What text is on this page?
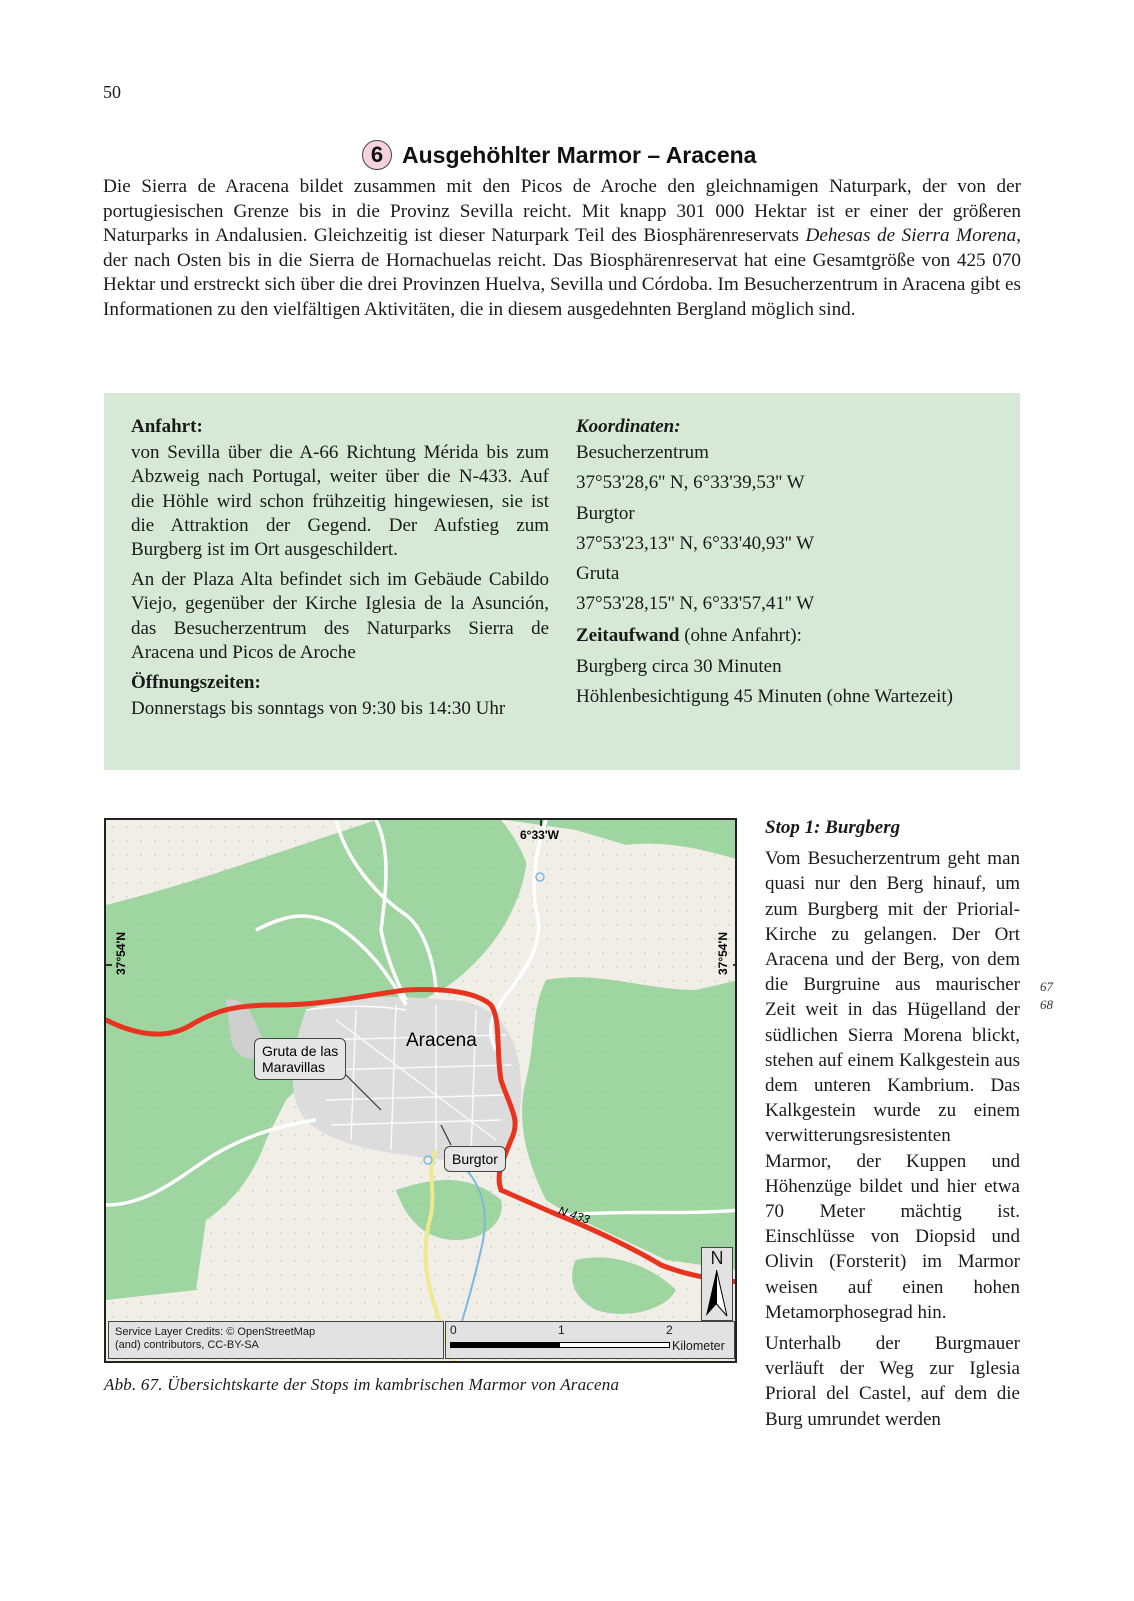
50
6 Ausgehöhlter Marmor – Aracena

Die Sierra de Aracena bildet zusammen mit den Picos de Aroche den gleichnamigen Naturpark, der von der portugiesischen Grenze bis in die Provinz Sevilla reicht. Mit knapp 301 000 Hektar ist er einer der größeren Naturparks in Andalusien. Gleichzeitig ist dieser Naturpark Teil des Biosphärenreservats Dehesas de Sierra Morena, der nach Osten bis in die Sierra de Hornachuelas reicht. Das Biosphärenreservat hat eine Gesamtgröße von 425 070 Hektar und erstreckt sich über die drei Provinzen Huelva, Sevilla und Córdoba. Im Besucherzentrum in Aracena gibt es Informationen zu den vielfältigen Aktivitäten, die in diesem ausgedehnten Bergland möglich sind.

Anfahrt:

von Sevilla über die A-66 Richtung Mérida bis zum Abzweig nach Portugal, weiter über die N-433. Auf die Höhle wird schon frühzeitig hingewiesen, sie ist die Attraktion der Gegend. Der Aufstieg zum Burgberg ist im Ort ausgeschildert.

An der Plaza Alta befindet sich im Gebäude Cabildo Viejo, gegenüber der Kirche Iglesia de la Asunción, das Besucherzentrum des Naturparks Sierra de Aracena und Picos de Aroche

Öffnungszeiten:

Donnerstags bis sonntags von 9:30 bis 14:30 Uhr

Koordinaten:

Besucherzentrum

37°53'28,6'' N, 6°33'39,53'' W

Burgtor

37°53'23,13'' N, 6°33'40,93'' W

Gruta

37°53'28,15'' N, 6°33'57,41'' W

Zeitaufwand (ohne Anfahrt):

Burgberg circa 30 Minuten

Höhlenbesichtigung 45 Minuten (ohne Wartezeit)

6°33'W
37°54'N	37°54'N
Aracena
N 433
Gruta de las
Maravillas
Burgtor
Service Layer Credits: © OpenStreetMap
(and) contributors, CC-BY-SA
0	1	2
Kilometer
N
Abb. 67. Übersichtskarte der Stops im kambrischen Marmor von Aracena
Stop 1: Burgberg

Vom Besucherzentrum geht man quasi nur den Berg hinauf, um zum Burgberg mit der Priorial-Kirche zu gelangen. Der Ort Aracena und der Berg, von dem die Burgruine aus maurischer Zeit weit in das Hügelland der südlichen Sierra Morena blickt, stehen auf einem Kalkgestein aus dem unteren Kambrium. Das Kalkgestein wurde zu einem verwitterungsresistenten Marmor, der Kuppen und Höhenzüge bildet und hier etwa 70 Meter mächtig ist. Einschlüsse von Diopsid und Olivin (Forsterit) im Marmor weisen auf einen hohen Metamorphosegrad hin.

Unterhalb der Burgmauer verläuft der Weg zur Iglesia Prioral del Castel, auf dem die Burg umrundet werden

67
68
